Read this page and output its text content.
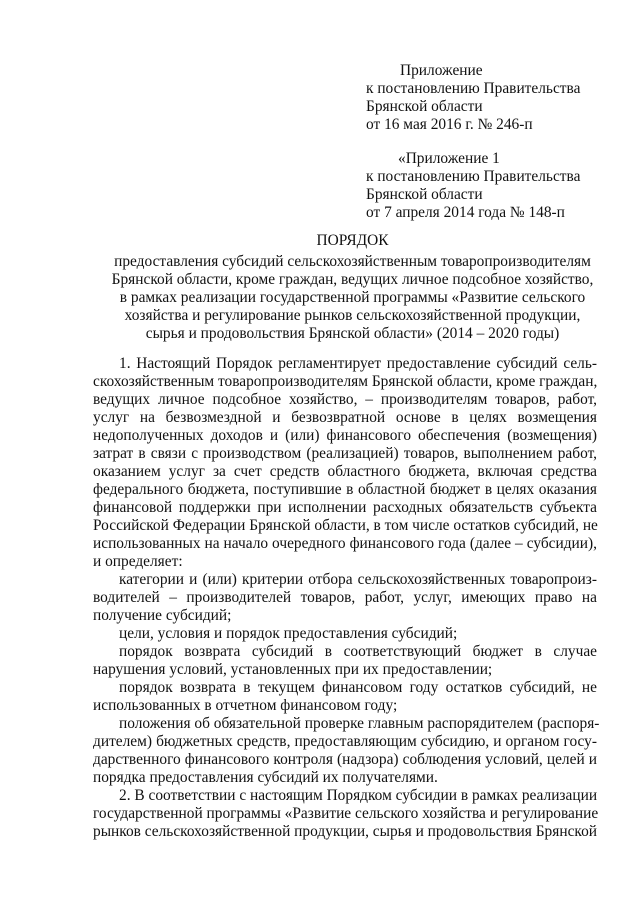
Приложение
к постановлению Правительства
Брянской области
от 16 мая 2016 г. № 246-п
«Приложение 1
к постановлению Правительства
Брянской области
от 7 апреля 2014 года № 148-п
ПОРЯДОК
предоставления субсидий сельскохозяйственным товаропроизводителям
Брянской области, кроме граждан, ведущих личное подсобное хозяйство,
в рамках реализации государственной программы «Развитие сельского
хозяйства и регулирование рынков сельскохозяйственной продукции,
сырья и продовольствия Брянской области» (2014 – 2020 годы)
1. Настоящий Порядок регламентирует предоставление субсидий сель-
скохозяйственным товаропроизводителям Брянской области, кроме граждан,
ведущих личное подсобное хозяйство, – производителям товаров, работ,
услуг на безвозмездной и безвозвратной основе в целях возмещения
недополученных доходов и (или) финансового обеспечения (возмещения)
затрат в связи с производством (реализацией) товаров, выполнением работ,
оказанием услуг за счет средств областного бюджета, включая средства
федерального бюджета, поступившие в областной бюджет в целях оказания
финансовой поддержки при исполнении расходных обязательств субъекта
Российской Федерации Брянской области, в том числе остатков субсидий, не
использованных на начало очередного финансового года (далее – субсидии),
и определяет:
категории и (или) критерии отбора сельскохозяйственных товаропроиз-
водителей – производителей товаров, работ, услуг, имеющих право на
получение субсидий;
цели, условия и порядок предоставления субсидий;
порядок возврата субсидий в соответствующий бюджет в случае
нарушения условий, установленных при их предоставлении;
порядок возврата в текущем финансовом году остатков субсидий, не
использованных в отчетном финансовом году;
положения об обязательной проверке главным распорядителем (распоря-
дителем) бюджетных средств, предоставляющим субсидию, и органом госу-
дарственного финансового контроля (надзора) соблюдения условий, целей и
порядка предоставления субсидий их получателями.
2. В соответствии с настоящим Порядком субсидии в рамках реализации
государственной программы «Развитие сельского хозяйства и регулирование
рынков сельскохозяйственной продукции, сырья и продовольствия Брянской
